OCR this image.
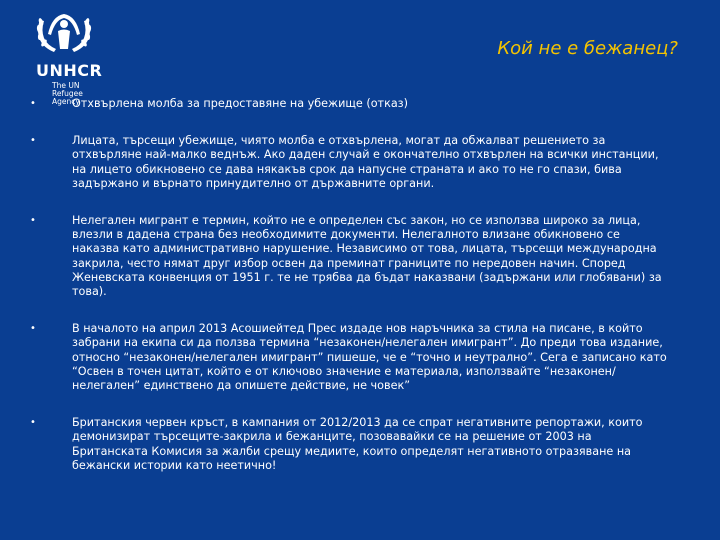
UNHCR
The UN
Refugee Agency
Кой не е бежанец?
•	Отхвърлена молба за предоставяне на убежище (отказ)
•	Лицата, търсещи убежище, чиято молба е отхвърлена, могат да обжалват решението за отхвърляне най-малко веднъж. Ако даден случай е окончателно отхвърлен на всички инстанции, на лицето обикновено се дава някакъв срок да напусне страната и ако то не го спази, бива задържано и върнато принудително от държавните органи.
•	Нелегален мигрант е термин, който не е определен със закон, но се използва широко за лица, влезли в дадена страна без необходимите документи. Нелегалното влизане обикновено се наказва като административно нарушение. Независимо от това, лицата, търсещи международна закрила, често нямат друг избор освен да преминат границите по нередовен начин. Според Женевската конвенция от 1951 г. те не трябва да бъдат наказвани (задържани или глобявани) за това).
•	В началото на април 2013 Асошиейтед Прес издаде нов наръчника за стила на писане, в който забрани на екипа си да ползва термина “незаконен/нелегален имигрант”. До преди това издание, относно “незаконен/нелегален имигрант” пишеше, че е “точно и неутрално”. Сега е записано като “Освен в точен цитат, който е от ключово значение е материала, използвайте “незаконен/нелегален” единствено да опишете действие, не човек”
•	Британския червен кръст, в кампания от 2012/2013 да се спрат негативните репортажи, които демонизират търсещите-закрила и бежанците, позовавайки се на решение от 2003 на Британската Комисия за жалби срещу медиите, които определят негативното отразяване на бежански истории като неетично!
